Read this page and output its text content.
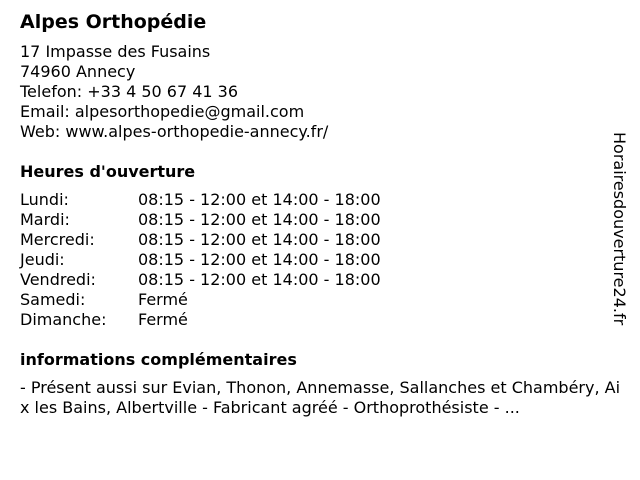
Alpes Orthopédie
17 Impasse des Fusains
74960 Annecy
Telefon: +33 4 50 67 41 36
Email: alpesorthopedie@gmail.com
Web: www.alpes-orthopedie-annecy.fr/
Heures d'ouverture
Lundi:	08:15 - 12:00 et 14:00 - 18:00
Mardi:	08:15 - 12:00 et 14:00 - 18:00
Mercredi:	08:15 - 12:00 et 14:00 - 18:00
Jeudi:	08:15 - 12:00 et 14:00 - 18:00
Vendredi:	08:15 - 12:00 et 14:00 - 18:00
Samedi:	Fermé
Dimanche:	Fermé
informations complémentaires
- Présent aussi sur Evian, Thonon, Annemasse, Sallanches et Chambéry, Aix les Bains, Albertville - Fabricant agréé - Orthoprothésiste - ...
Horairesdouverture24.fr
